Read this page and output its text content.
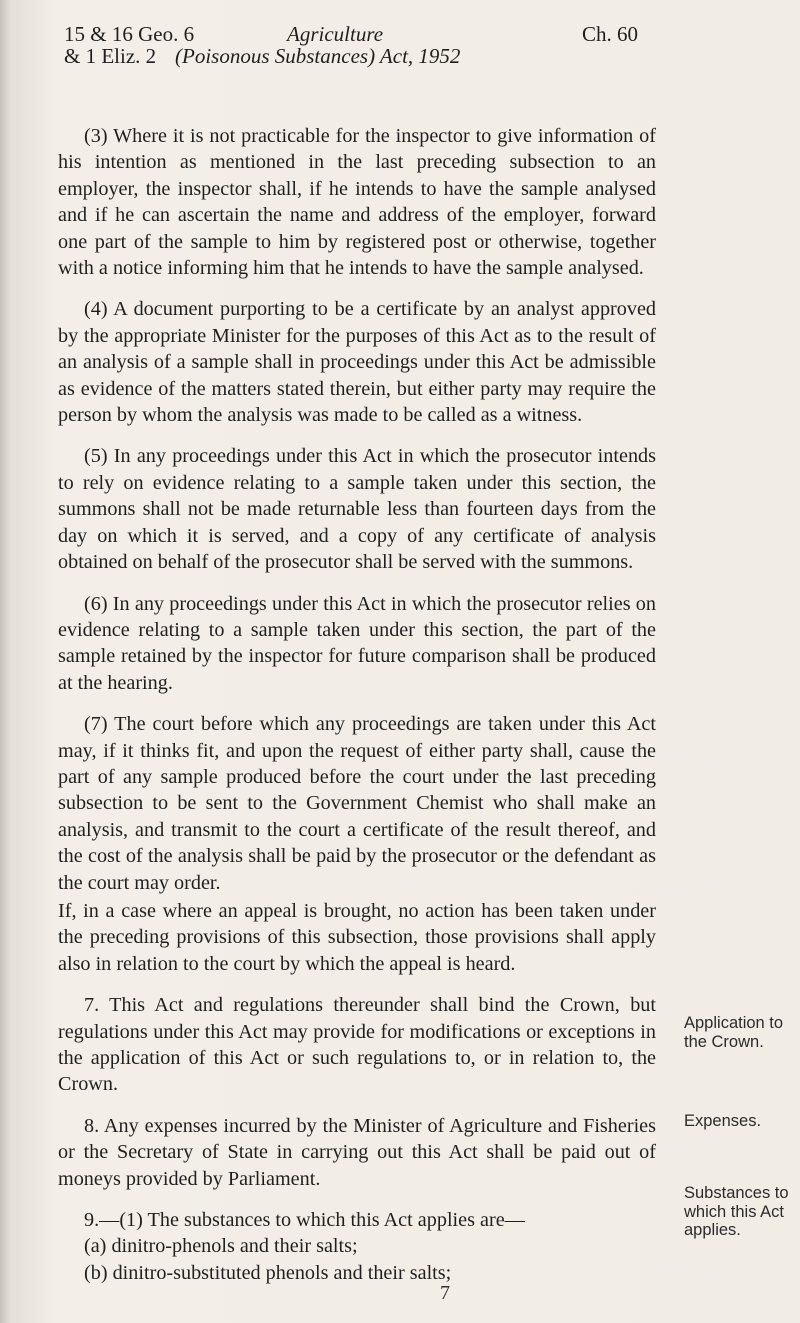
15 & 16 Geo. 6
& 1 Eliz. 2
Agriculture
(Poisonous Substances) Act, 1952
Ch. 60

(3) Where it is not practicable for the inspector to give information of his intention as mentioned in the last preceding subsection to an employer, the inspector shall, if he intends to have the sample analysed and if he can ascertain the name and address of the employer, forward one part of the sample to him by registered post or otherwise, together with a notice informing him that he intends to have the sample analysed.

(4) A document purporting to be a certificate by an analyst approved by the appropriate Minister for the purposes of this Act as to the result of an analysis of a sample shall in proceedings under this Act be admissible as evidence of the matters stated therein, but either party may require the person by whom the analysis was made to be called as a witness.

(5) In any proceedings under this Act in which the prosecutor intends to rely on evidence relating to a sample taken under this section, the summons shall not be made returnable less than fourteen days from the day on which it is served, and a copy of any certificate of analysis obtained on behalf of the prosecutor shall be served with the summons.

(6) In any proceedings under this Act in which the prosecutor relies on evidence relating to a sample taken under this section, the part of the sample retained by the inspector for future comparison shall be produced at the hearing.

(7) The court before which any proceedings are taken under this Act may, if it thinks fit, and upon the request of either party shall, cause the part of any sample produced before the court under the last preceding subsection to be sent to the Government Chemist who shall make an analysis, and transmit to the court a certificate of the result thereof, and the cost of the analysis shall be paid by the prosecutor or the defendant as the court may order.

If, in a case where an appeal is brought, no action has been taken under the preceding provisions of this subsection, those provisions shall apply also in relation to the court by which the appeal is heard.

7. This Act and regulations thereunder shall bind the Crown, but regulations under this Act may provide for modifications or exceptions in the application of this Act or such regulations to, or in relation to, the Crown.

8. Any expenses incurred by the Minister of Agriculture and Fisheries or the Secretary of State in carrying out this Act shall be paid out of moneys provided by Parliament.

9.—(1) The substances to which this Act applies are—

(a) dinitro-phenols and their salts;

(b) dinitro-substituted phenols and their salts;

Application to the Crown.
Expenses.
Substances to which this Act applies.
7
